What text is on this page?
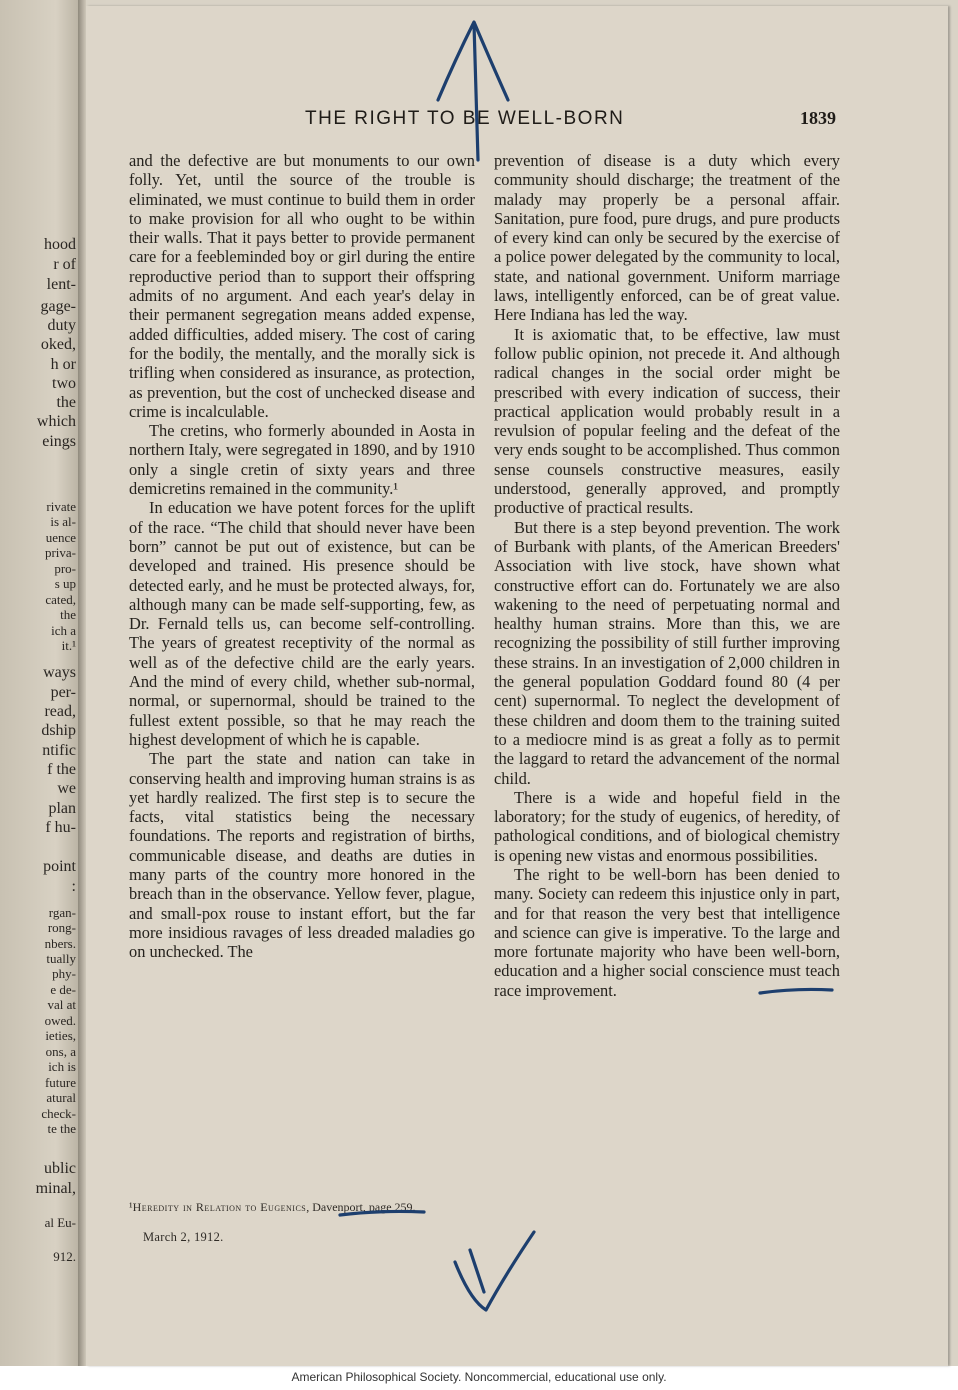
hood
r of
lent-
gage-
duty
oked,
h or
two
the
which
eings
rivate
is al-
uence
priva-
pro-
s up
cated,
the
ich a
it.¹
ways
per-
read,
dship
ntific
f the
we
plan
f hu-
point
:
rgan-
rong-
nbers.
tually
phy-
e de-
val at
owed.
ieties,
ons, a
ich is
future
atural
check-
te the
ublic
minal,
al Eu-
912.
THE RIGHT TO BE WELL-BORN	1839

and the defective are but monuments to our own folly. Yet, until the source of the trouble is eliminated, we must continue to build them in order to make provision for all who ought to be within their walls. That it pays better to provide permanent care for a feebleminded boy or girl during the entire reproductive period than to support their offspring admits of no argument. And each year's delay in their permanent segregation means added expense, added difficulties, added misery. The cost of caring for the bodily, the mentally, and the morally sick is trifling when considered as insurance, as protection, as prevention, but the cost of unchecked disease and crime is incalculable.

The cretins, who formerly abounded in Aosta in northern Italy, were segregated in 1890, and by 1910 only a single cretin of sixty years and three demicretins remained in the community.¹

In education we have potent forces for the uplift of the race. “The child that should never have been born” cannot be put out of existence, but can be developed and trained. His presence should be detected early, and he must be protected always, for, although many can be made self-supporting, few, as Dr. Fernald tells us, can become self-controlling. The years of greatest receptivity of the normal as well as of the defective child are the early years. And the mind of every child, whether sub-normal, normal, or supernormal, should be trained to the fullest extent possible, so that he may reach the highest development of which he is capable.

The part the state and nation can take in conserving health and improving human strains is as yet hardly realized. The first step is to secure the facts, vital statistics being the necessary foundations. The reports and registration of births, communicable disease, and deaths are duties in many parts of the country more honored in the breach than in the observance. Yellow fever, plague, and small-pox rouse to instant effort, but the far more insidious ravages of less dreaded maladies go on unchecked. The

prevention of disease is a duty which every community should discharge; the treatment of the malady may properly be a personal affair. Sanitation, pure food, pure drugs, and pure products of every kind can only be secured by the exercise of a police power delegated by the community to local, state, and national government. Uniform marriage laws, intelligently enforced, can be of great value. Here Indiana has led the way.

It is axiomatic that, to be effective, law must follow public opinion, not precede it. And although radical changes in the social order might be prescribed with every indication of success, their practical application would probably result in a revulsion of popular feeling and the defeat of the very ends sought to be accomplished. Thus common sense counsels constructive measures, easily understood, generally approved, and promptly productive of practical results.

But there is a step beyond prevention. The work of Burbank with plants, of the American Breeders' Association with live stock, have shown what constructive effort can do. Fortunately we are also wakening to the need of perpetuating normal and healthy human strains. More than this, we are recognizing the possibility of still further improving these strains. In an investigation of 2,000 children in the general population Goddard found 80 (4 per cent) supernormal. To neglect the development of these children and doom them to the training suited to a mediocre mind is as great a folly as to permit the laggard to retard the advancement of the normal child.

There is a wide and hopeful field in the laboratory; for the study of eugenics, of heredity, of pathological conditions, and of biological chemistry is opening new vistas and enormous possibilities.

The right to be well-born has been denied to many. Society can redeem this injustice only in part, and for that reason the very best that intelligence and science can give is imperative. To the large and more fortunate majority who have been well-born, education and a higher social conscience must teach race improvement.

¹Heredity in Relation to Eugenics, Davenport, page 259.
March 2, 1912.
American Philosophical Society. Noncommercial, educational use only.
